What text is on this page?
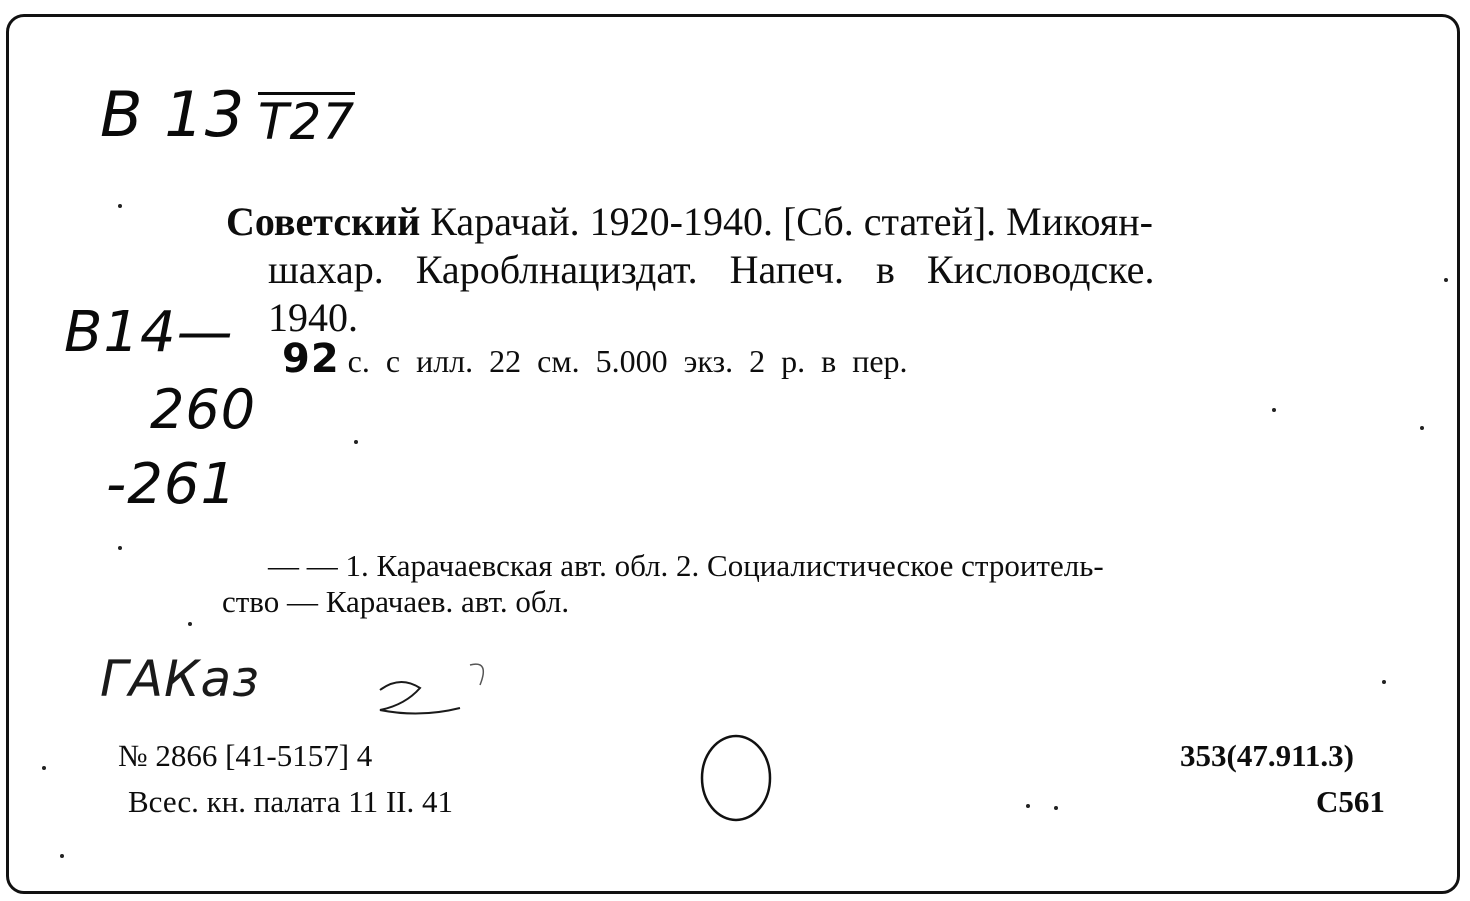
B 13 T27
B14—
260
-261
ГАКаз
Советский Карачай. 1920-1940. [Сб. статей]. Микоян-
шахар. Кароблнациздат. Напеч. в Кисловодске.
1940.
92 с. с илл. 22 см. 5.000 экз. 2 р. в пер.
— — 1. Карачаевская авт. обл. 2. Социалистическое строитель-
ство — Карачаев. авт. обл.
№ 2866 [41-5157] 4
Всес. кн. палата 11 II. 41
353(47.911.3)
С561
